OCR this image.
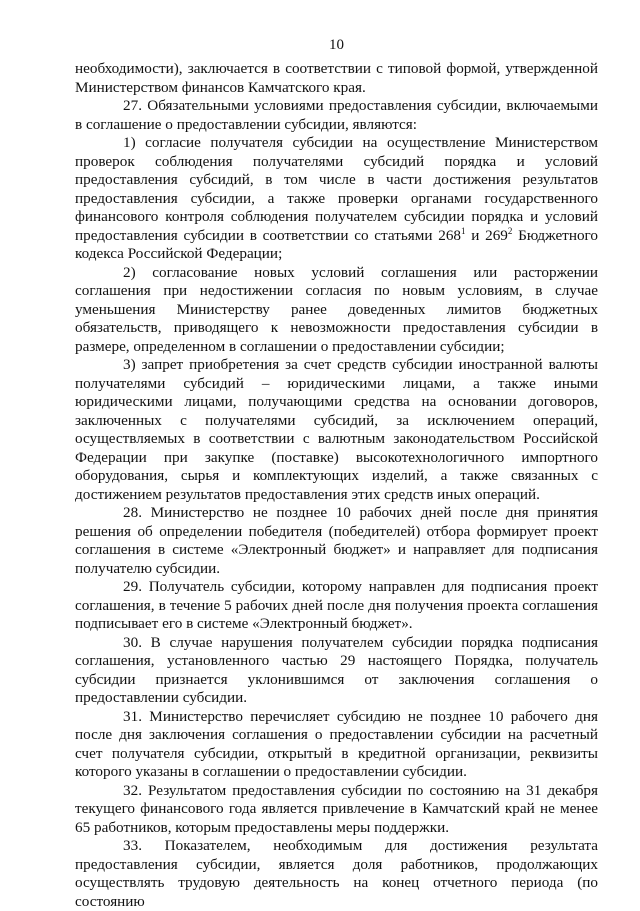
10

необходимости), заключается в соответствии с типовой формой, утвержденной Министерством финансов Камчатского края.

27. Обязательными условиями предоставления субсидии, включаемыми в соглашение о предоставлении субсидии, являются:

1) согласие получателя субсидии на осуществление Министерством проверок соблюдения получателями субсидий порядка и условий предоставления субсидий, в том числе в части достижения результатов предоставления субсидии, а также проверки органами государственного финансового контроля соблюдения получателем субсидии порядка и условий предоставления субсидии в соответствии со статьями $268^1$ и $269^2$ Бюджетного кодекса Российской Федерации;

2) согласование новых условий соглашения или расторжении соглашения при недостижении согласия по новым условиям, в случае уменьшения Министерству ранее доведенных лимитов бюджетных обязательств, приводящего к невозможности предоставления субсидии в размере, определенном в соглашении о предоставлении субсидии;

3) запрет приобретения за счет средств субсидии иностранной валюты получателями субсидий – юридическими лицами, а также иными юридическими лицами, получающими средства на основании договоров, заключенных с получателями субсидий, за исключением операций, осуществляемых в соответствии с валютным законодательством Российской Федерации при закупке (поставке) высокотехнологичного импортного оборудования, сырья и комплектующих изделий, а также связанных с достижением результатов предоставления этих средств иных операций.

28. Министерство не позднее 10 рабочих дней после дня принятия решения об определении победителя (победителей) отбора формирует проект соглашения в системе «Электронный бюджет» и направляет для подписания получателю субсидии.

29. Получатель субсидии, которому направлен для подписания проект соглашения, в течение 5 рабочих дней после дня получения проекта соглашения подписывает его в системе «Электронный бюджет».

30. В случае нарушения получателем субсидии порядка подписания соглашения, установленного частью 29 настоящего Порядка, получатель субсидии признается уклонившимся от заключения соглашения о предоставлении субсидии.

31. Министерство перечисляет субсидию не позднее 10 рабочего дня после дня заключения соглашения о предоставлении субсидии на расчетный счет получателя субсидии, открытый в кредитной организации, реквизиты которого указаны в соглашении о предоставлении субсидии.

32. Результатом предоставления субсидии по состоянию на 31 декабря текущего финансового года является привлечение в Камчатский край не менее 65 работников, которым предоставлены меры поддержки.

33. Показателем, необходимым для достижения результата предоставления субсидии, является доля работников, продолжающих осуществлять трудовую деятельность на конец отчетного периода (по состоянию
